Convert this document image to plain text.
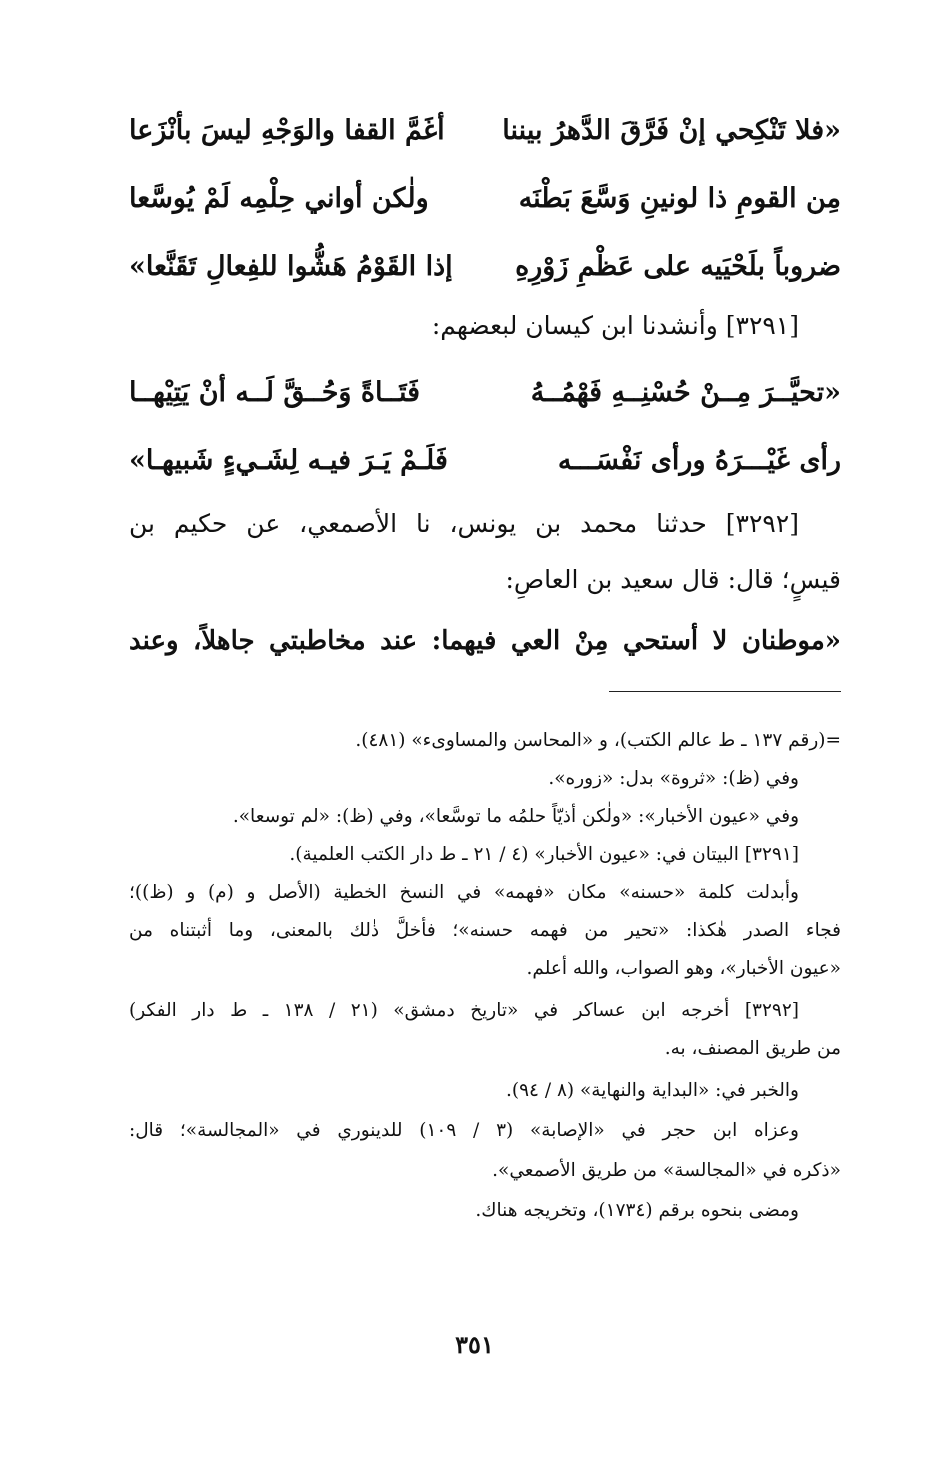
«فلا تَنْكِحي إنْ فَرَّقَ الدَّهرُ بيننا
أغَمَّ القفا والوَجْهِ ليسَ بأنْزَعا
مِن القومِ ذا لونينِ وَسَّعَ بَطْنَه
ولٰكن أواني حِلْمِه لَمْ يُوسَّعا
ضروباً بلَحْيَيه على عَظْمِ زَوْرِهِ
إذا القَوْمُ هَشُّوا للفِعالِ تَقَنَّعا»
[٣٢٩١] وأنشدنا ابن كيسان لبعضهم:
«تحيَّــرَ مِــنْ حُسْنِــهِ فَهْمُــهُ
فَتَــاةً وَحُــقَّ لَــه أنْ يَتِيْهــا
رأى غَيْـــرَهُ ورأى نَفْسَـــه
فَلَـمْ يَـرَ فيـه لِشَـيءٍ شَبيهـا»
[٣٢٩٢] حدثنا محمد بن يونس، نا الأصمعي، عن حكيم بن
قيسٍ؛ قال: قال سعيد بن العاصِ:
«موطنان لا أستحي مِنْ العي فيهما: عند مخاطبتي جاهلاً، وعند
=(رقم ١٣٧ ـ ط عالم الكتب)، و «المحاسن والمساوىء» (٤٨١).
وفي (ظ): «ثروة» بدل: «زوره».
وفي «عيون الأخبار»: «ولٰكن أذيّاً حلمُه ما توسَّعا»، وفي (ظ): «لم توسعا».
[٣٢٩١] البيتان في: «عيون الأخبار» (٤ / ٢١ ـ ط دار الكتب العلمية).
وأبدلت كلمة «حسنه» مكان «فهمه» في النسخ الخطية (الأصل و (م) و (ظ))؛
فجاء الصدر هٰكذا: «تحير من فهمه حسنه»؛ فأخلَّ ذٰلك بالمعنى، وما أثبتناه من
«عيون الأخبار»، وهو الصواب، والله أعلم.
[٣٢٩٢] أخرجه ابن عساكر في «تاريخ دمشق» (٢١ / ١٣٨ ـ ط دار الفكر)
من طريق المصنف، به.
والخبر في: «البداية والنهاية» (٨ / ٩٤).
وعزاه ابن حجر في «الإصابة» (٣ / ١٠٩) للدينوري في «المجالسة»؛ قال:
«ذكره في «المجالسة» من طريق الأصمعي».
ومضى بنحوه برقم (١٧٣٤)، وتخريجه هناك.
٣٥١
